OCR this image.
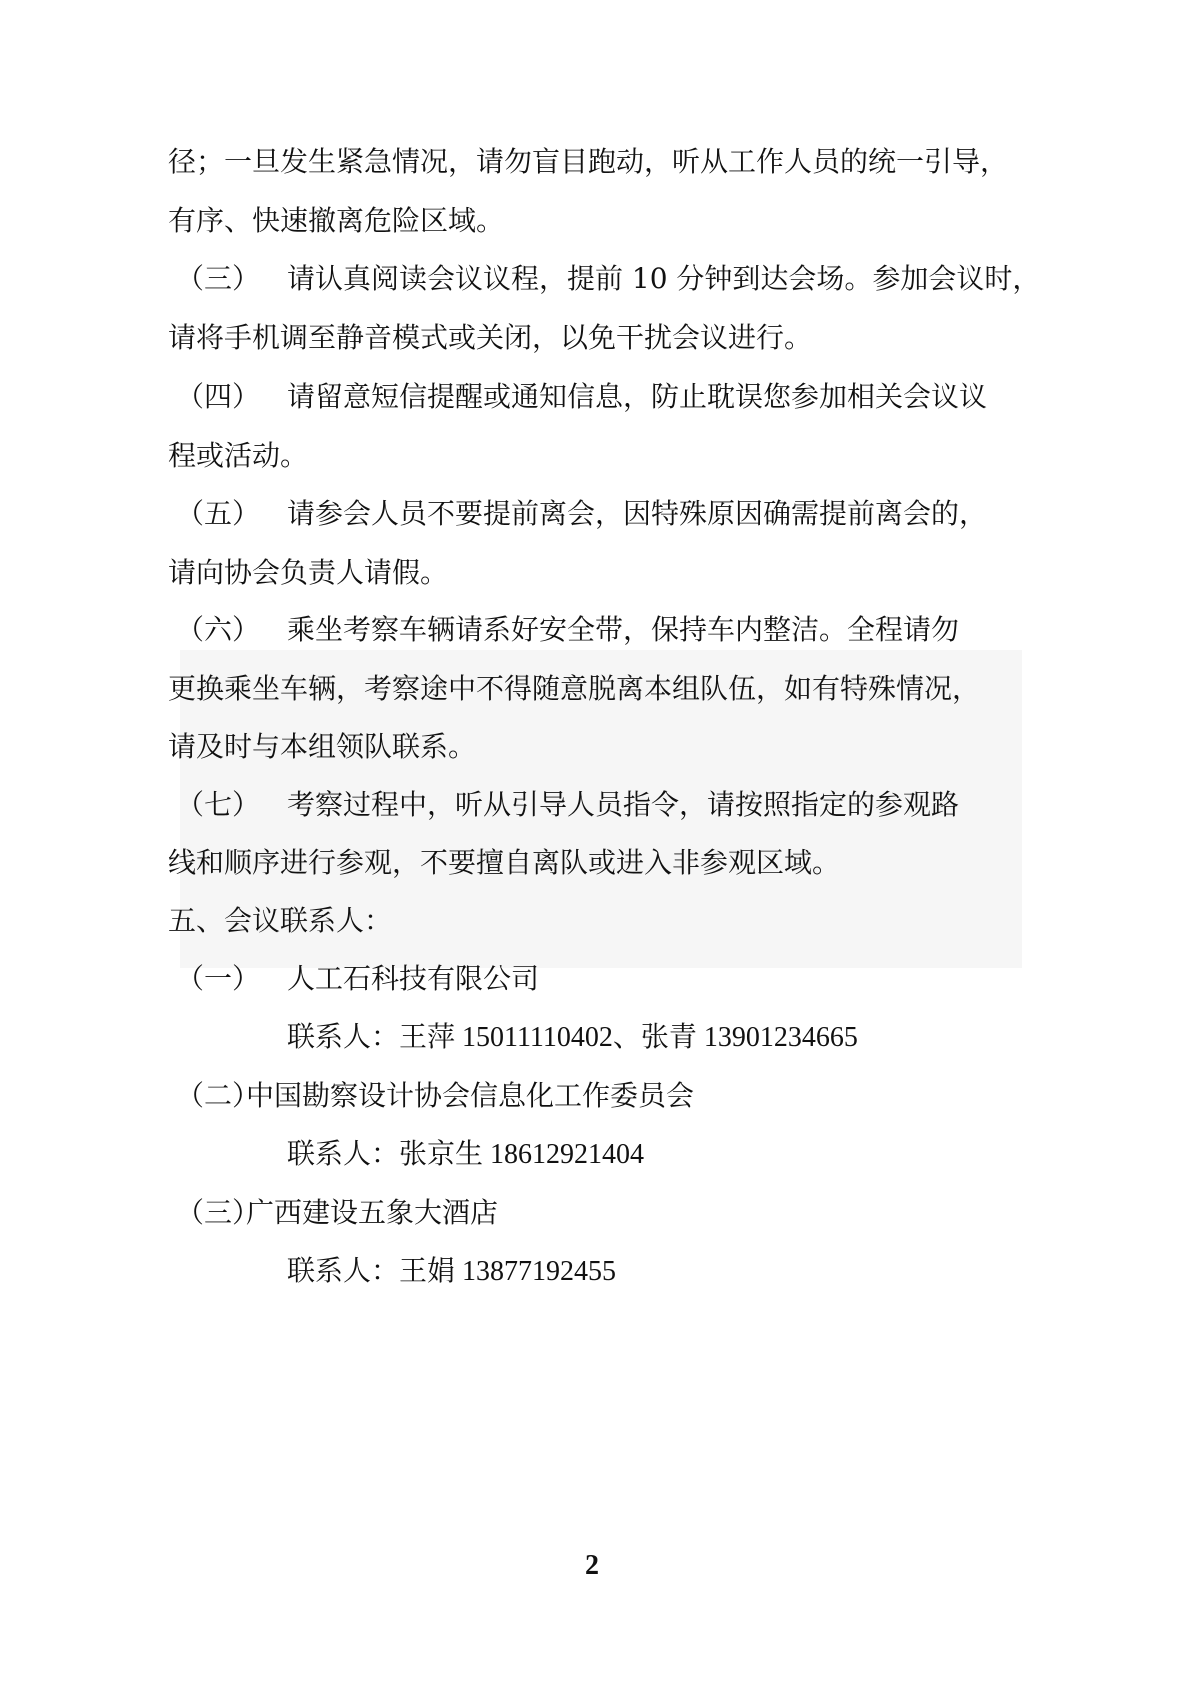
径；一旦发生紧急情况，请勿盲目跑动，听从工作人员的统一引导，
有序、快速撤离危险区域。
（三） 请认真阅读会议议程，提前 10 分钟到达会场。参加会议时，
请将手机调至静音模式或关闭，以免干扰会议进行。
（四） 请留意短信提醒或通知信息，防止耽误您参加相关会议议
程或活动。
（五） 请参会人员不要提前离会，因特殊原因确需提前离会的，
请向协会负责人请假。
（六） 乘坐考察车辆请系好安全带，保持车内整洁。全程请勿
更换乘坐车辆，考察途中不得随意脱离本组队伍，如有特殊情况，
请及时与本组领队联系。
（七） 考察过程中，听从引导人员指令，请按照指定的参观路
线和顺序进行参观，不要擅自离队或进入非参观区域。
五、会议联系人：
（一） 人工石科技有限公司
联系人：王萍 15011110402、张青 13901234665
（二）
中国勘察设计协会信息化工作委员会
联系人：张京生 18612921404
（三）
广西建设五象大酒店
联系人：王娟 13877192455
2
